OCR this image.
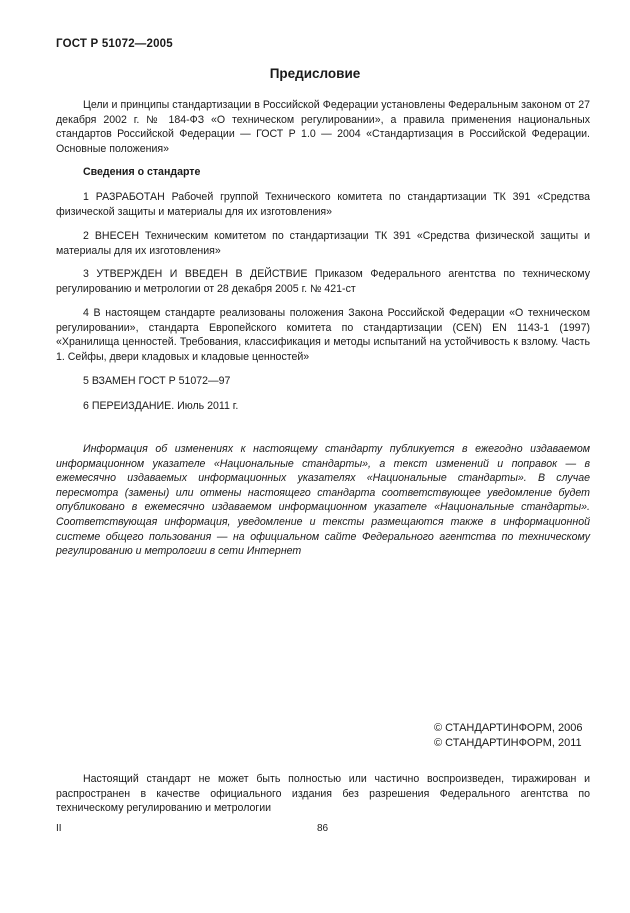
ГОСТ Р 51072—2005
Предисловие

Цели и принципы стандартизации в Российской Федерации установлены Федеральным законом от 27 декабря 2002 г. № 184-ФЗ «О техническом регулировании», а правила применения национальных стандартов Российской Федерации — ГОСТ Р 1.0 — 2004 «Стандартизация в Российской Федерации. Основные положения»

Сведения о стандарте

1 РАЗРАБОТАН Рабочей группой Технического комитета по стандартизации ТК 391 «Средства физической защиты и материалы для их изготовления»

2 ВНЕСЕН Техническим комитетом по стандартизации ТК 391 «Средства физической защиты и материалы для их изготовления»

3 УТВЕРЖДЕН И ВВЕДЕН В ДЕЙСТВИЕ Приказом Федерального агентства по техническому регулированию и метрологии от 28 декабря 2005 г. № 421-ст

4 В настоящем стандарте реализованы положения Закона Российской Федерации «О техническом регулировании», стандарта Европейского комитета по стандартизации (CEN) EN 1143-1 (1997) «Хранилища ценностей. Требования, классификация и методы испытаний на устойчивость к взлому. Часть 1. Сейфы, двери кладовых и кладовые ценностей»

5 ВЗАМЕН ГОСТ Р 51072—97

6 ПЕРЕИЗДАНИЕ. Июль 2011 г.

Информация об изменениях к настоящему стандарту публикуется в ежегодно издаваемом информационном указателе «Национальные стандарты», а текст изменений и поправок — в ежемесячно издаваемых информационных указателях «Национальные стандарты». В случае пересмотра (замены) или отмены настоящего стандарта соответствующее уведомление будет опубликовано в ежемесячно издаваемом информационном указателе «Национальные стандарты». Соответствующая информация, уведомление и тексты размещаются также в информационной системе общего пользования — на официальном сайте Федерального агентства по техническому регулированию и метрологии в сети Интернет

© СТАНДАРТИНФОРМ, 2006
© СТАНДАРТИНФОРМ, 2011

Настоящий стандарт не может быть полностью или частично воспроизведен, тиражирован и распространен в качестве официального издания без разрешения Федерального агентства по техническому регулированию и метрологии

II	86
